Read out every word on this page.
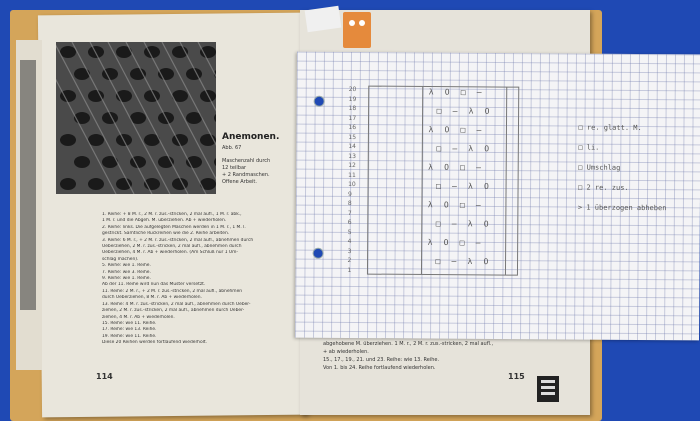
Anemonen.
Abb. 67
Maschenzahl durch
12 teilbar
+ 2 Randmaschen.
Offene Arbeit.
1. Reihe: + 8 M. r., 2 M. r. zus.-stricken, 2 mal aufl., 1 M. r. abk.,
1 M. r. und die Abgeh. M. überziehen. Ab + wiederholen.
2. Reihe: links. Die aufgelegten Maschen werden in 1 M. r., 1 M. l.
gestrickt. Sämtliche Rückreihen wie die 2. Reihe arbeiten.
3. Reihe: 6 M. r., + 2 M. r. zus.-stricken, 2 mal aufl., abnehmen durch
Ueberziehen, 2 M. r. zus.-stricken, 2 mal aufl., abnehmen durch
Ueberziehen, 4 M. r. Ab + wiederholen. (Am Schluß nur 1 Um-
schlag machen).
5. Reihe: wie 1. Reihe.
7. Reihe: wie 3. Reihe.
9. Reihe: wie 1. Reihe.
Ab der 11. Reihe wird nun das Muster versetzt.
11. Reihe: 2 M. r., + 2 M. r. zus.-stricken, 2 mal aufl., abnehmen
durch Ueberziehen, 8 M. r. Ab + wiederholen.
13. Reihe: 4 M. r. zus.-stricken, 2 mal aufl., abnehmen durch Ueber-
ziehen, 2 M. r. zus.-stricken, 2 mal aufl., abnehmen durch Ueber-
ziehen, 4 M. r. Ab + wiederholen.
15. Reihe: wie 11. Reihe.
17. Reihe: wie 13. Reihe.
19. Reihe: wie 11. Reihe.
Diese 20 Reihen werden fortlaufend wiederholt.
114
abgehobene M. überziehen. 1 M. r., 2 M. r. zus.-stricken, 2 mal aufl.,
+ ab wiederholen.
15., 17., 19., 21. und 23. Reihe: wie 13. Reihe.
Von 1. bis 24. Reihe fortlaufend wiederholen.
115
20
19
18
17
16
15
14
13
12
11
10
9
8
7
6
5
4
3
2
1
λ O □ —
□ — λ O
λ O □ —
□ — λ O
λ O □ —
□ — λ O
λ O □ —
□ — λ O
λ O □ —
□ — λ O
□ re. glatt. M.
□ li.
□ Umschlag
□ 2 re. zus.
> 1 überzogen abheben
